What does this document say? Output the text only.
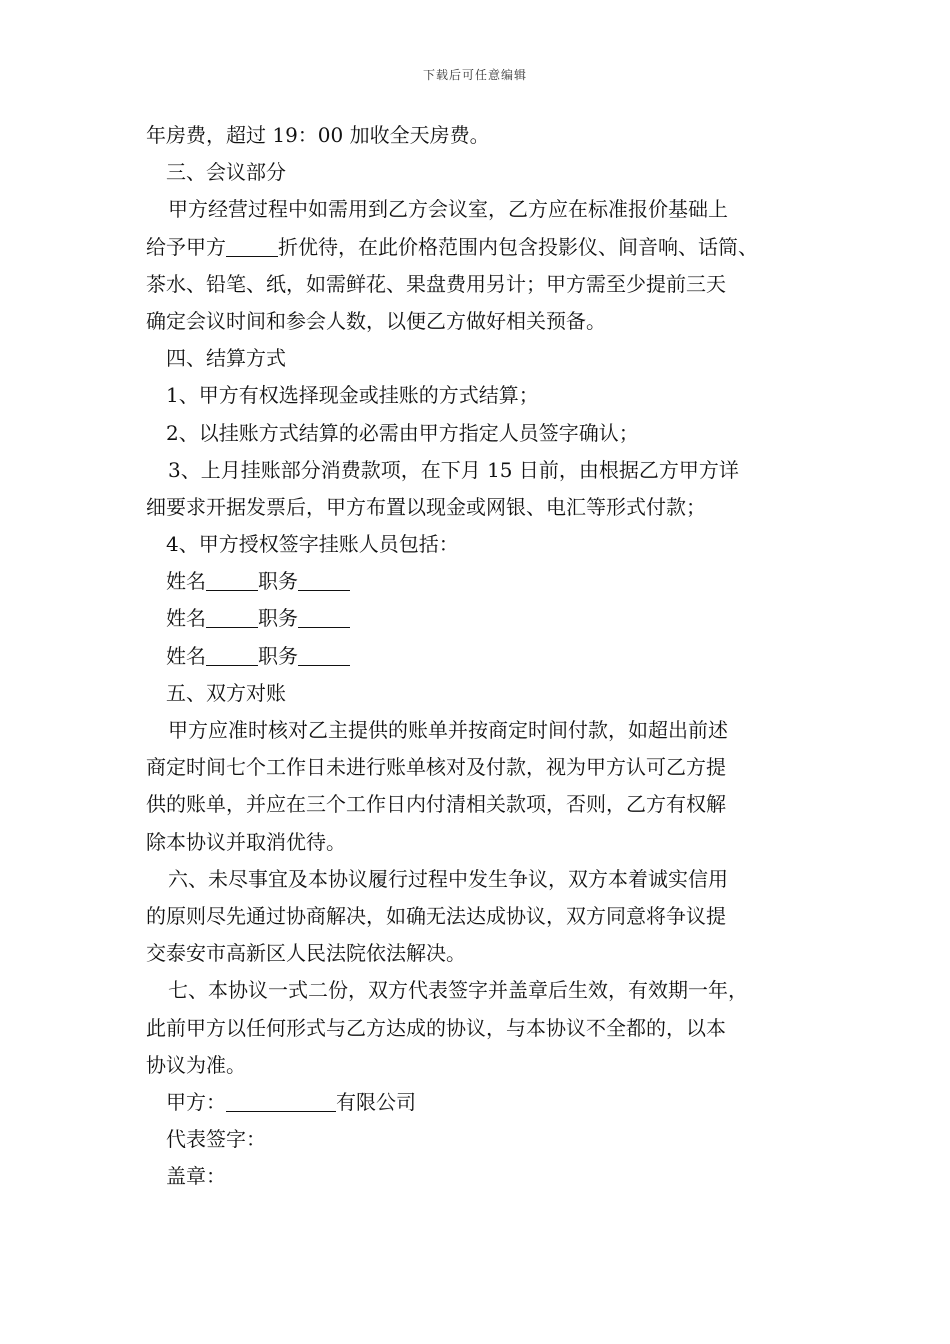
下载后可任意编辑
年房费，超过 19：00 加收全天房费。
三、会议部分
甲方经营过程中如需用到乙方会议室，乙方应在标准报价基础上
给予甲方	折优待，在此价格范围内包含投影仪、间音响、话筒、
茶水、铅笔、纸，如需鲜花、果盘费用另计；甲方需至少提前三天
确定会议时间和参会人数，以便乙方做好相关预备。
四、结算方式
1、甲方有权选择现金或挂账的方式结算；
2、以挂账方式结算的必需由甲方指定人员签字确认；
3、上月挂账部分消费款项，在下月 15 日前，由根据乙方甲方详
细要求开据发票后，甲方布置以现金或网银、电汇等形式付款；
4、甲方授权签字挂账人员包括：
姓名	职务
姓名	职务
姓名	职务
五、双方对账
甲方应准时核对乙主提供的账单并按商定时间付款，如超出前述
商定时间七个工作日未进行账单核对及付款，视为甲方认可乙方提
供的账单，并应在三个工作日内付清相关款项，否则，乙方有权解
除本协议并取消优待。
六、未尽事宜及本协议履行过程中发生争议，双方本着诚实信用
的原则尽先通过协商解决，如确无法达成协议，双方同意将争议提
交泰安市高新区人民法院依法解决。
七、本协议一式二份，双方代表签字并盖章后生效，有效期一年，
此前甲方以任何形式与乙方达成的协议，与本协议不全都的，以本
协议为准。
甲方：	有限公司
代表签字：
盖章：
